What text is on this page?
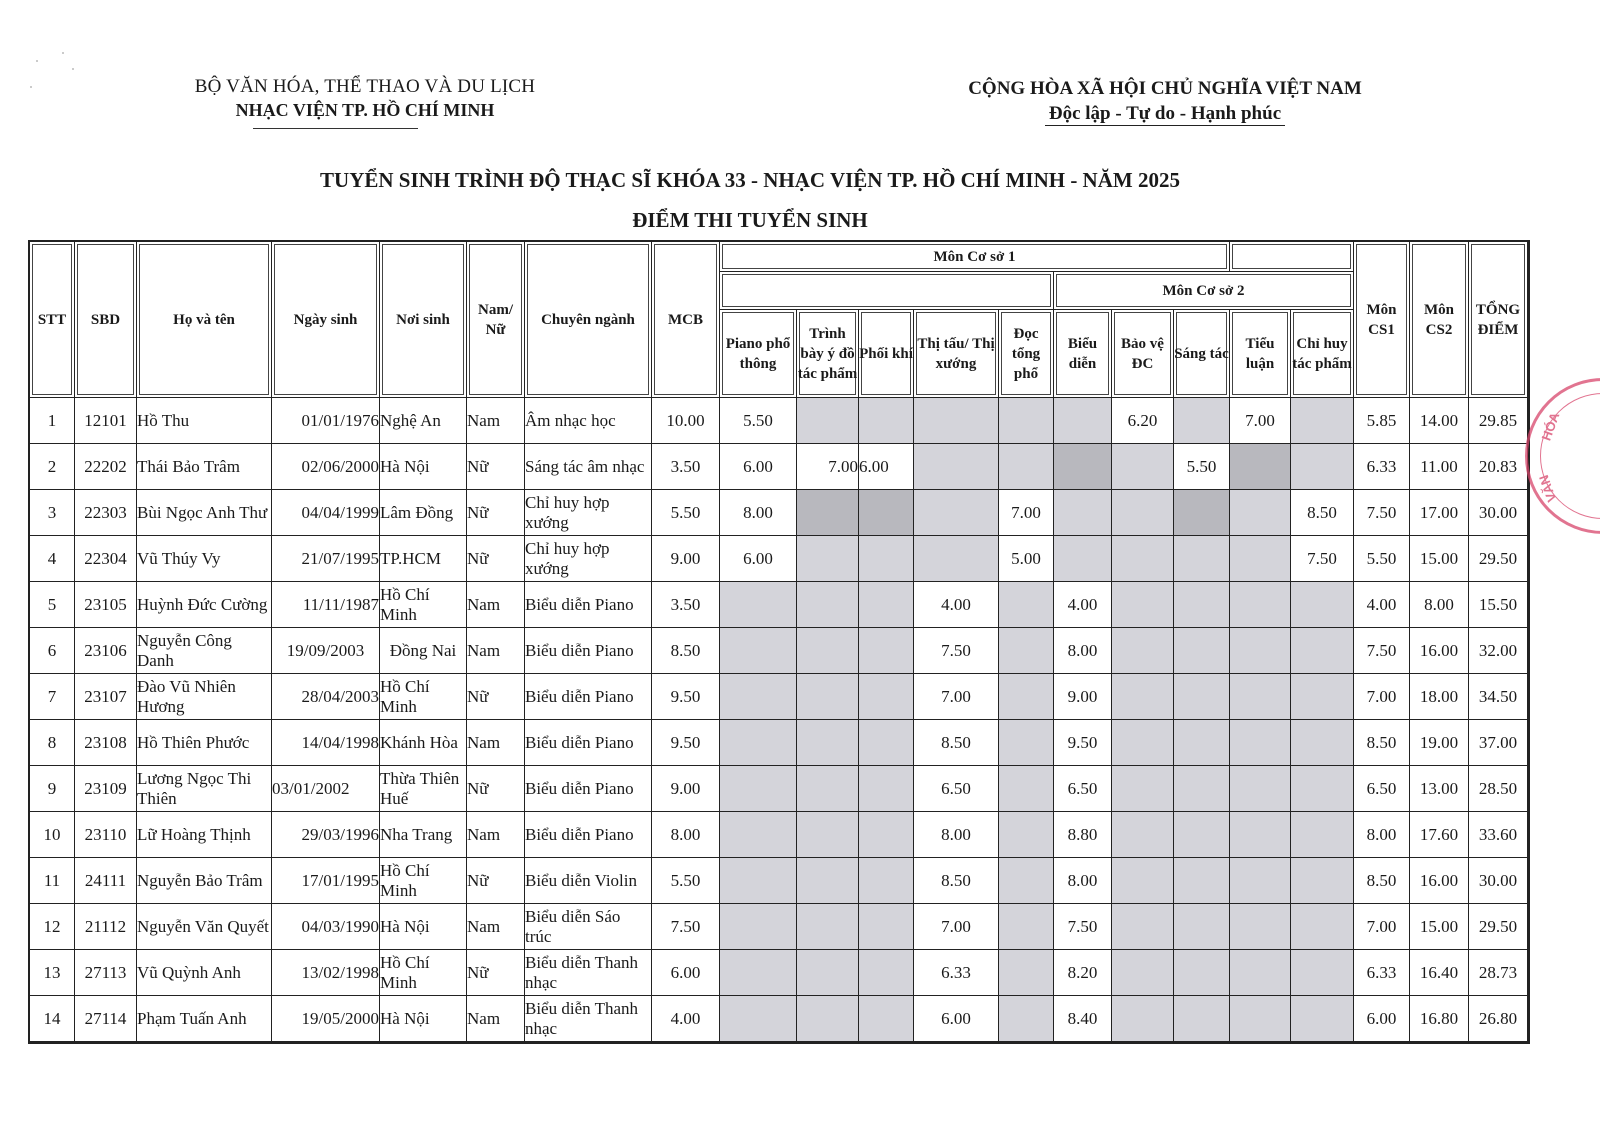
BỘ VĂN HÓA, THỂ THAO VÀ DU LỊCH
NHẠC VIỆN TP. HỒ CHÍ MINH
CỘNG HÒA XÃ HỘI CHỦ NGHĨA VIỆT NAM
Độc lập - Tự do - Hạnh phúc
TUYỂN SINH TRÌNH ĐỘ THẠC SĨ KHÓA 33 - NHẠC VIỆN TP. HỒ CHÍ MINH - NĂM 2025
ĐIỂM THI TUYỂN SINH
STT	SBD	Họ và tên	Ngày sinh	Nơi sinh	Nam/ Nữ	Chuyên ngành	MCB	Môn Cơ sở 1		Môn CS1	Môn CS2	TỔNG ĐIỂM
	Môn Cơ sở 2
Piano phổ thông	Trình bày ý đồ tác phẩm	Phối khí	Thị tấu/ Thị xướng	Đọc tổng phổ	Biểu diễn	Bảo vệ ĐC	Sáng tác	Tiểu luận	Chỉ huy tác phẩm
1	12101	Hồ Thu	01/01/1976	Nghệ An	Nam	Âm nhạc học	10.00	5.50						6.20		7.00		5.85	14.00	29.85
2	22202	Thái Bảo Trâm	02/06/2000	Hà Nội	Nữ	Sáng tác âm nhạc	3.50	6.00	7.00	6.00					5.50			6.33	11.00	20.83
3	22303	Bùi Ngọc Anh Thư	04/04/1999	Lâm Đồng	Nữ	Chỉ huy hợp xướng	5.50	8.00				7.00					8.50	7.50	17.00	30.00
4	22304	Vũ Thúy Vy	21/07/1995	TP.HCM	Nữ	Chỉ huy hợp xướng	9.00	6.00				5.00					7.50	5.50	15.00	29.50
5	23105	Huỳnh Đức Cường	11/11/1987	Hồ Chí Minh	Nam	Biểu diễn Piano	3.50				4.00		4.00					4.00	8.00	15.50
6	23106	Nguyễn Công Danh	19/09/2003	Đồng Nai	Nam	Biểu diễn Piano	8.50				7.50		8.00					7.50	16.00	32.00
7	23107	Đào Vũ Nhiên Hương	28/04/2003	Hồ Chí Minh	Nữ	Biểu diễn Piano	9.50				7.00		9.00					7.00	18.00	34.50
8	23108	Hồ Thiên Phước	14/04/1998	Khánh Hòa	Nam	Biểu diễn Piano	9.50				8.50		9.50					8.50	19.00	37.00
9	23109	Lương Ngọc Thi Thiên	03/01/2002	Thừa Thiên Huế	Nữ	Biểu diễn Piano	9.00				6.50		6.50					6.50	13.00	28.50
10	23110	Lữ Hoàng Thịnh	29/03/1996	Nha Trang	Nam	Biểu diễn Piano	8.00				8.00		8.80					8.00	17.60	33.60
11	24111	Nguyễn Bảo Trâm	17/01/1995	Hồ Chí Minh	Nữ	Biểu diễn Violin	5.50				8.50		8.00					8.50	16.00	30.00
12	21112	Nguyễn Văn Quyết	04/03/1990	Hà Nội	Nam	Biểu diễn Sáo trúc	7.50				7.00		7.50					7.00	15.00	29.50
13	27113	Vũ Quỳnh Anh	13/02/1998	Hồ Chí Minh	Nữ	Biểu diễn Thanh nhạc	6.00				6.33		8.20					6.33	16.40	28.73
14	27114	Phạm Tuấn Anh	19/05/2000	Hà Nội	Nam	Biểu diễn Thanh nhạc	4.00				6.00		8.40					6.00	16.80	26.80
HÓA
VĂN
